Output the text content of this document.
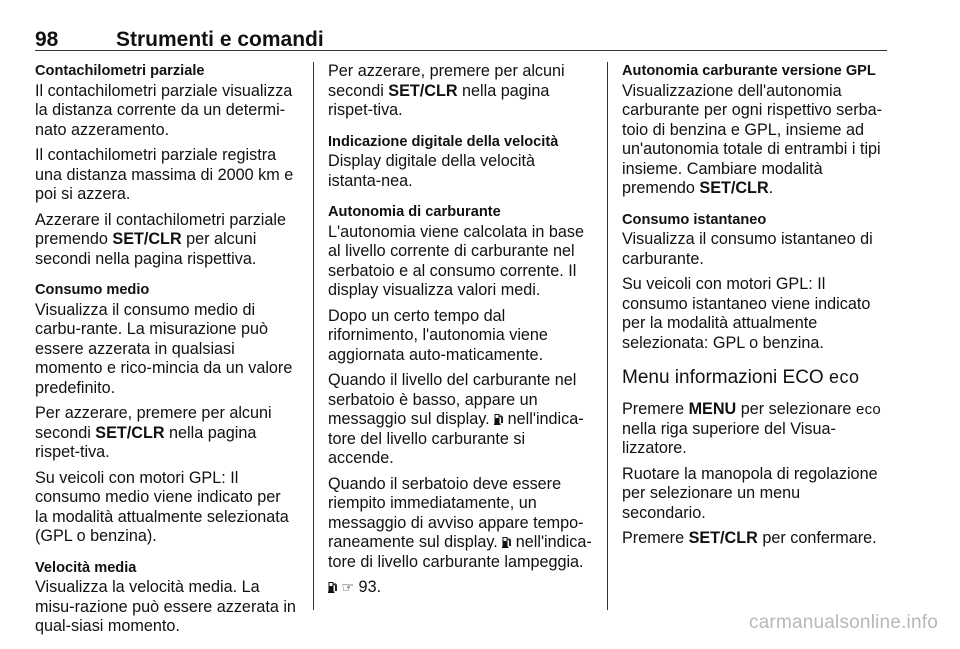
98	Strumenti e comandi
Contachilometri parziale

Il contachilometri parziale visualizza la distanza corrente da un determi-nato azzeramento.

Il contachilometri parziale registra una distanza massima di 2000 km e poi si azzera.

Azzerare il contachilometri parziale premendo SET/CLR per alcuni secondi nella pagina rispettiva.

Consumo medio

Visualizza il consumo medio di carbu-rante. La misurazione può essere azzerata in qualsiasi momento e rico-mincia da un valore predefinito.

Per azzerare, premere per alcuni secondi SET/CLR nella pagina rispet-tiva.

Su veicoli con motori GPL: Il consumo medio viene indicato per la modalità attualmente selezionata (GPL o benzina).

Velocità media

Visualizza la velocità media. La misu-razione può essere azzerata in qual-siasi momento.

Per azzerare, premere per alcuni secondi SET/CLR nella pagina rispet-tiva.

Indicazione digitale della velocità

Display digitale della velocità istanta-nea.

Autonomia di carburante

L'autonomia viene calcolata in base al livello corrente di carburante nel serbatoio e al consumo corrente. Il display visualizza valori medi.

Dopo un certo tempo dal rifornimento, l'autonomia viene aggiornata auto-maticamente.

Quando il livello del carburante nel serbatoio è basso, appare un messaggio sul display.  nell'indica-tore del livello carburante si accende.

Quando il serbatoio deve essere riempito immediatamente, un messaggio di avviso appare tempo-raneamente sul display.  nell'indica-tore di livello carburante lampeggia.

☞ 93.

Autonomia carburante versione GPL

Visualizzazione dell'autonomia carburante per ogni rispettivo serba-toio di benzina e GPL, insieme ad un'autonomia totale di entrambi i tipi insieme. Cambiare modalità premendo SET/CLR.

Consumo istantaneo

Visualizza il consumo istantaneo di carburante.

Su veicoli con motori GPL: Il consumo istantaneo viene indicato per la modalità attualmente selezionata: GPL o benzina.

Menu informazioni ECO eco

Premere MENU per selezionare eco nella riga superiore del Visua-lizzatore.

Ruotare la manopola di regolazione per selezionare un menu secondario.

Premere SET/CLR per confermare.

carmanualsonline.info
